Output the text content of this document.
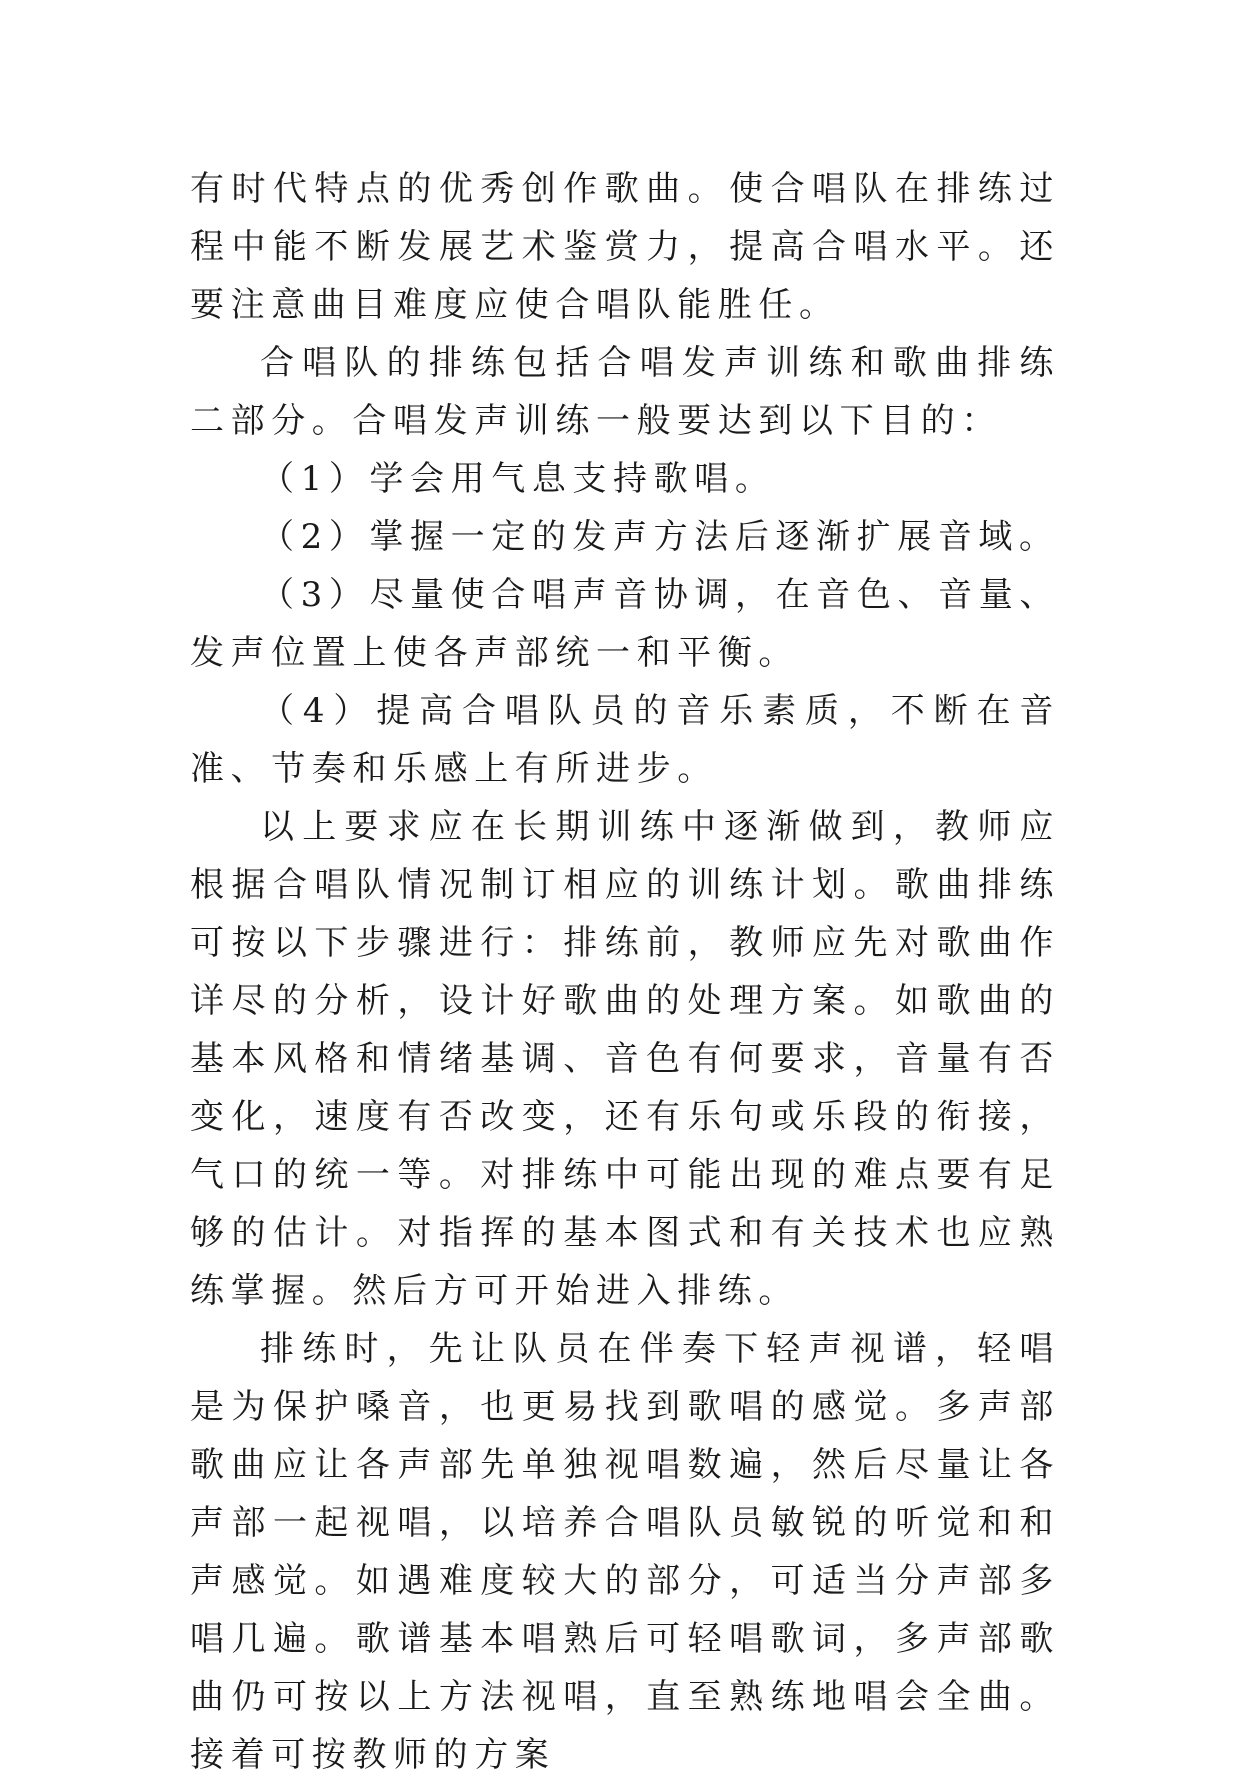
有时代特点的优秀创作歌曲。使合唱队在排练过程中能不断发展艺术鉴赏力，提高合唱水平。还要注意曲目难度应使合唱队能胜任。

合唱队的排练包括合唱发声训练和歌曲排练二部分。合唱发声训练一般要达到以下目的：

（1）学会用气息支持歌唱。

（2）掌握一定的发声方法后逐渐扩展音域。

（3）尽量使合唱声音协调，在音色、音量、发声位置上使各声部统一和平衡。

（4）提高合唱队员的音乐素质，不断在音准、节奏和乐感上有所进步。

以上要求应在长期训练中逐渐做到，教师应根据合唱队情况制订相应的训练计划。歌曲排练可按以下步骤进行：排练前，教师应先对歌曲作详尽的分析，设计好歌曲的处理方案。如歌曲的基本风格和情绪基调、音色有何要求，音量有否变化，速度有否改变，还有乐句或乐段的衔接，气口的统一等。对排练中可能出现的难点要有足够的估计。对指挥的基本图式和有关技术也应熟练掌握。然后方可开始进入排练。

排练时，先让队员在伴奏下轻声视谱，轻唱是为保护嗓音，也更易找到歌唱的感觉。多声部歌曲应让各声部先单独视唱数遍，然后尽量让各声部一起视唱，以培养合唱队员敏锐的听觉和和声感觉。如遇难度较大的部分，可适当分声部多唱几遍。歌谱基本唱熟后可轻唱歌词，多声部歌曲仍可按以上方法视唱，直至熟练地唱会全曲。接着可按教师的方案
